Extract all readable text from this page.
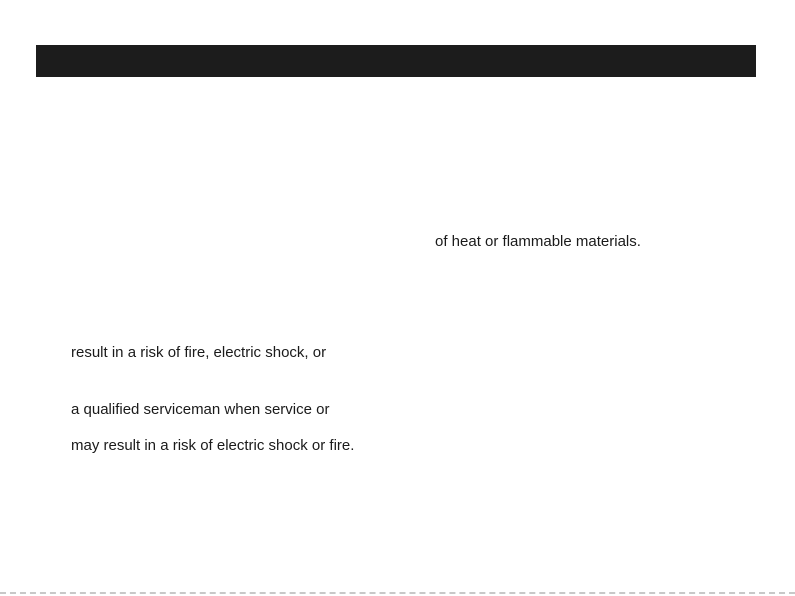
of heat or flammable materials.
result in a risk of fire, electric shock, or
a qualified serviceman when service or
may result in a risk of electric shock or fire.
